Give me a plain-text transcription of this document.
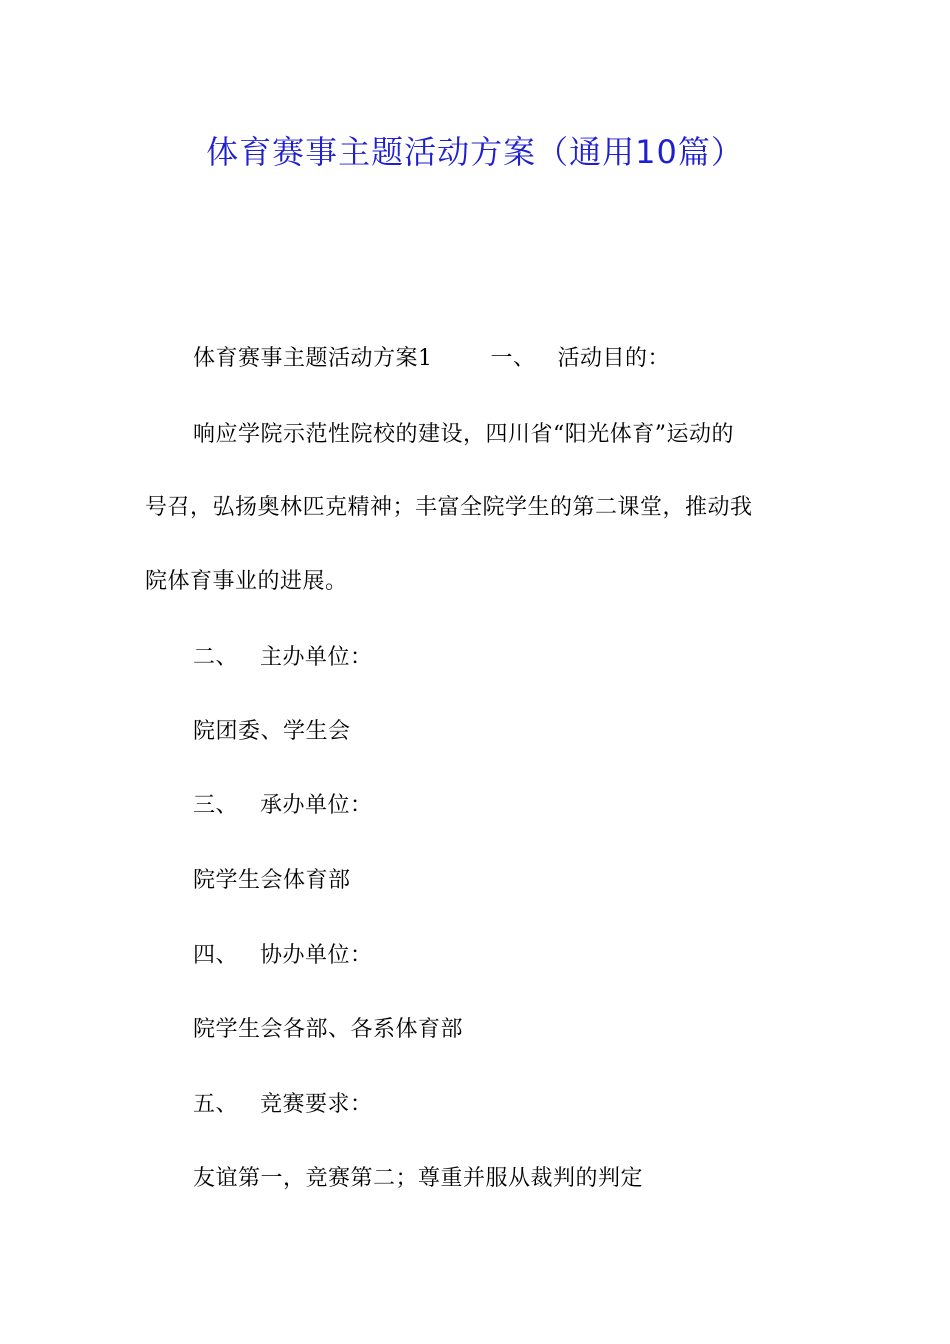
体育赛事主题活动方案（通用10篇）
体育赛事主题活动方案1	一、 活动目的：
响应学院示范性院校的建设，四川省“阳光体育”运动的
号召，弘扬奥林匹克精神；丰富全院学生的第二课堂，推动我
院体育事业的进展。
二、 主办单位：
院团委、学生会
三、 承办单位：
院学生会体育部
四、 协办单位：
院学生会各部、各系体育部
五、 竞赛要求：
友谊第一，竞赛第二；尊重并服从裁判的判定
